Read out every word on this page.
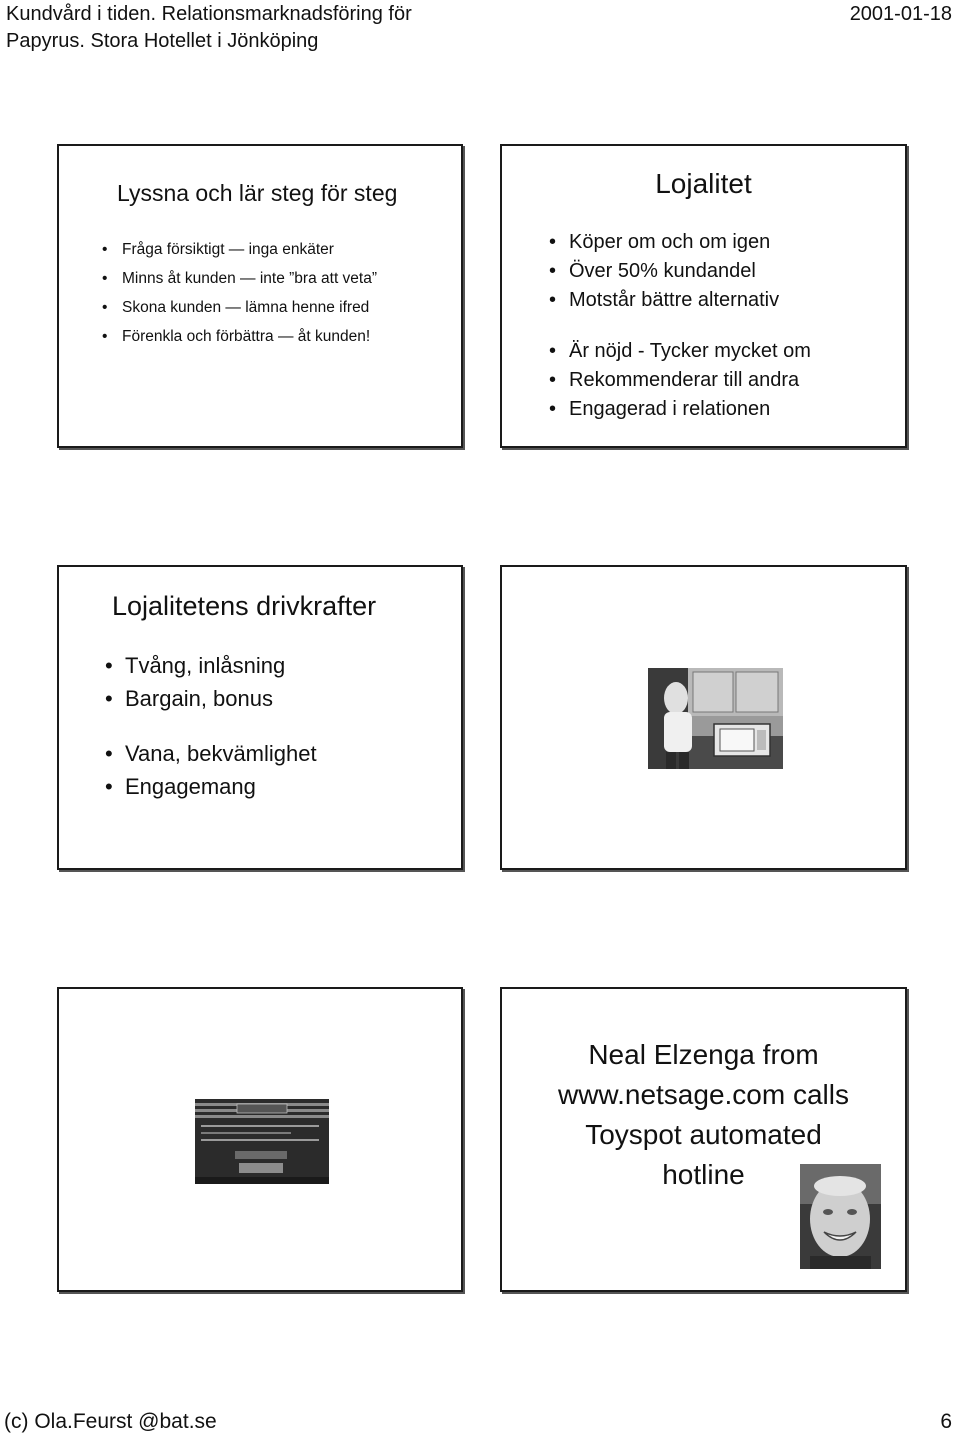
Kundvård i tiden. Relationsmarknadsföring för
Papyrus. Stora Hotellet i Jönköping
2001-01-18
Lyssna och lär steg för steg
• Fråga försiktigt — inga enkäter
• Minns åt kunden — inte ”bra att veta”
• Skona kunden — lämna henne ifred
• Förenkla och förbättra — åt kunden!
Lojalitet
• Köper om och om igen
• Över 50% kundandel
• Motstår bättre alternativ
• Är nöjd - Tycker mycket om
• Rekommenderar till andra
• Engagerad i relationen
Lojalitetens drivkrafter
• Tvång, inlåsning
• Bargain, bonus
• Vana, bekvämlighet
• Engagemang
Neal Elzenga from
www.netsage.com calls
Toyspot automated
hotline
(c) Ola.Feurst @bat.se	6
